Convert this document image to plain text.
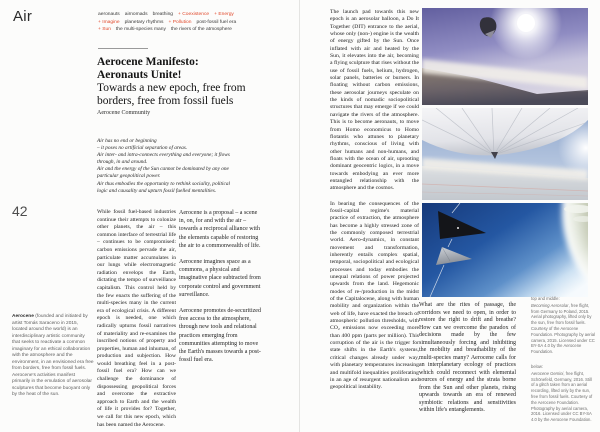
Air
42

Aerocene (founded and initiated by artist Tomás Saraceno in 2015, located around the world) is an interdisciplinary artistic community that seeks to reactivate a common imaginary for an ethical collaboration with the atmosphere and the environment, in an envisioned era free from borders, free from fossil fuels. Aerocene's activities manifest primarily in the emulation of aerosolar sculptures that become buoyant only by the heat of the sun.

aeronauts airnomads breathing + Coexistence + Energy
+ Imagine planetary rhythms + Pollution post-fossil fuel era
+ Sun the multi-species many the rivers of the atmosphere
Aerocene Manifesto:
Aeronauts Unite!
Towards a new epoch, free from
borders, free from fossil fuels
Aerocene Community
Air has no end or beginning
– it poses no artificial separation of areas.
Air inter- and intra-connects everything and everyone; it flows
through, in and around.
Air and the energy of the Sun cannot be dominated by any one
particular geopolitical power.
Air thus embodies the opportunity to rethink sociality, political
logic and causality and upturn fossil fuelled mentalities.

While fossil fuel-based industries continue their attempts to colonize other planets, the air – this common interface of terrestrial life – continues to be compromised: carbon emissions pervade the air, particulate matter accumulates in our lungs while electromagnetic radiation envelops the Earth, dictating the tempo of surveillance capitalism. This control held by the few enacts the suffering of the multi-species many in the current era of ecological crisis. A different epoch is needed, one which radically upturns fossil narratives of materiality and re-examines the inscribed notions of property and properties, human and inhuman, of production and subjection. How would breathing feel in a post-fossil fuel era? How can we challenge the dominance of dispossessing geopolitical forces and overcome the extractive approach to Earth and the wealth of life it provides for? Together, we call for this new epoch, which has been named the Aerocene.

Aerocene is a proposal – a scene in, on, for and with the air – towards a reciprocal alliance with the elements capable of restoring the air to a commonwealth of life.

Aerocene imagines space as a commons, a physical and imaginative place subtracted from corporate control and government surveillance.

Aerocene promotes de-securitized free access to the atmosphere, through new tools and relational practices emerging from communities attempting to move the Earth's masses towards a post-fossil fuel era.

The launch pad towards this new epoch is an aerosolar balloon, a Do It Together (DIT) entrance to the aerial, whose only (non-) engine is the wealth of energy gifted by the Sun. Once inflated with air and heated by the Sun, it elevates into the air, becoming a flying sculpture that rises without the use of fossil fuels, helium, hydrogen, solar panels, batteries or burners. In floating without carbon emissions, these aerosolar journeys speculate on the kinds of nomadic sociopolitical structures that may emerge if we could navigate the rivers of the atmosphere. This is to become aeronauts, to move from Homo economicus to Homo flotantis who attunes to planetary rhythms, conscious of living with other humans and non-humans, and floats with the ocean of air, uprooting dominant geocentric logics, in a move towards embodying an ever more entangled relationship with the atmosphere and the cosmos.

In bearing the consequences of the fossil-capital regime's material practice of extraction, the atmosphere has become a highly stressed zone of the commonly composed terrestrial world. Aero-dynamics, in constant movement and transformation, inherently entails complex spatial, temporal, sociopolitical and ecological processes and today embodies the unequal relations of power projected upwards from the land. Hegemonic modes of re-/production in the midst of the Capitalocene, along with human mobility and organization within the web of life, have exacted the breach of atmospheric pollution thresholds, with CO₂ emissions now exceeding more than 400 ppm (parts per million). This corruption of the air is the trigger for state shifts in the Earth's systems, critical changes already under way, with planetary temperatures increasing and multifold inequalities proliferating in an age of resurgent nationalism and geopolitical instability.

What are the rites of passage, the corridors we need to open, in order to restore the right to drift and breathe? How can we overcome the paradox of decisions made by the few simultaneously forcing and inhibiting the mobility and breathability of the multi-species many? Aerocene calls for an interplanetary ecology of practices which could reconnect with elemental sources of energy and the strata borne from the Sun and other planets, rising upwards towards an era of renewed symbiotic relations and sensitivities within life's entanglements.

top and middle:

Becoming Aerosolar, free flight, from Germany to Poland, 2015. Aerial photography, lifted only by the sun, free from fossil fuels. Courtesy of the Aerocene Foundation. Photography by aerial camera, 2015. Licensed under CC BY-SA 4.0 by the Aerocene Foundation.

below:

Aerocene Gemini, free flight, Schönefeld, Germany, 2016. Still of a glitch taken from an aerial recording, lifted only by the sun, free from fossil fuels. Courtesy of the Aerocene Foundation. Photography by aerial camera, 2016. Licensed under CC BY-SA 4.0 by the Aerocene Foundation.
